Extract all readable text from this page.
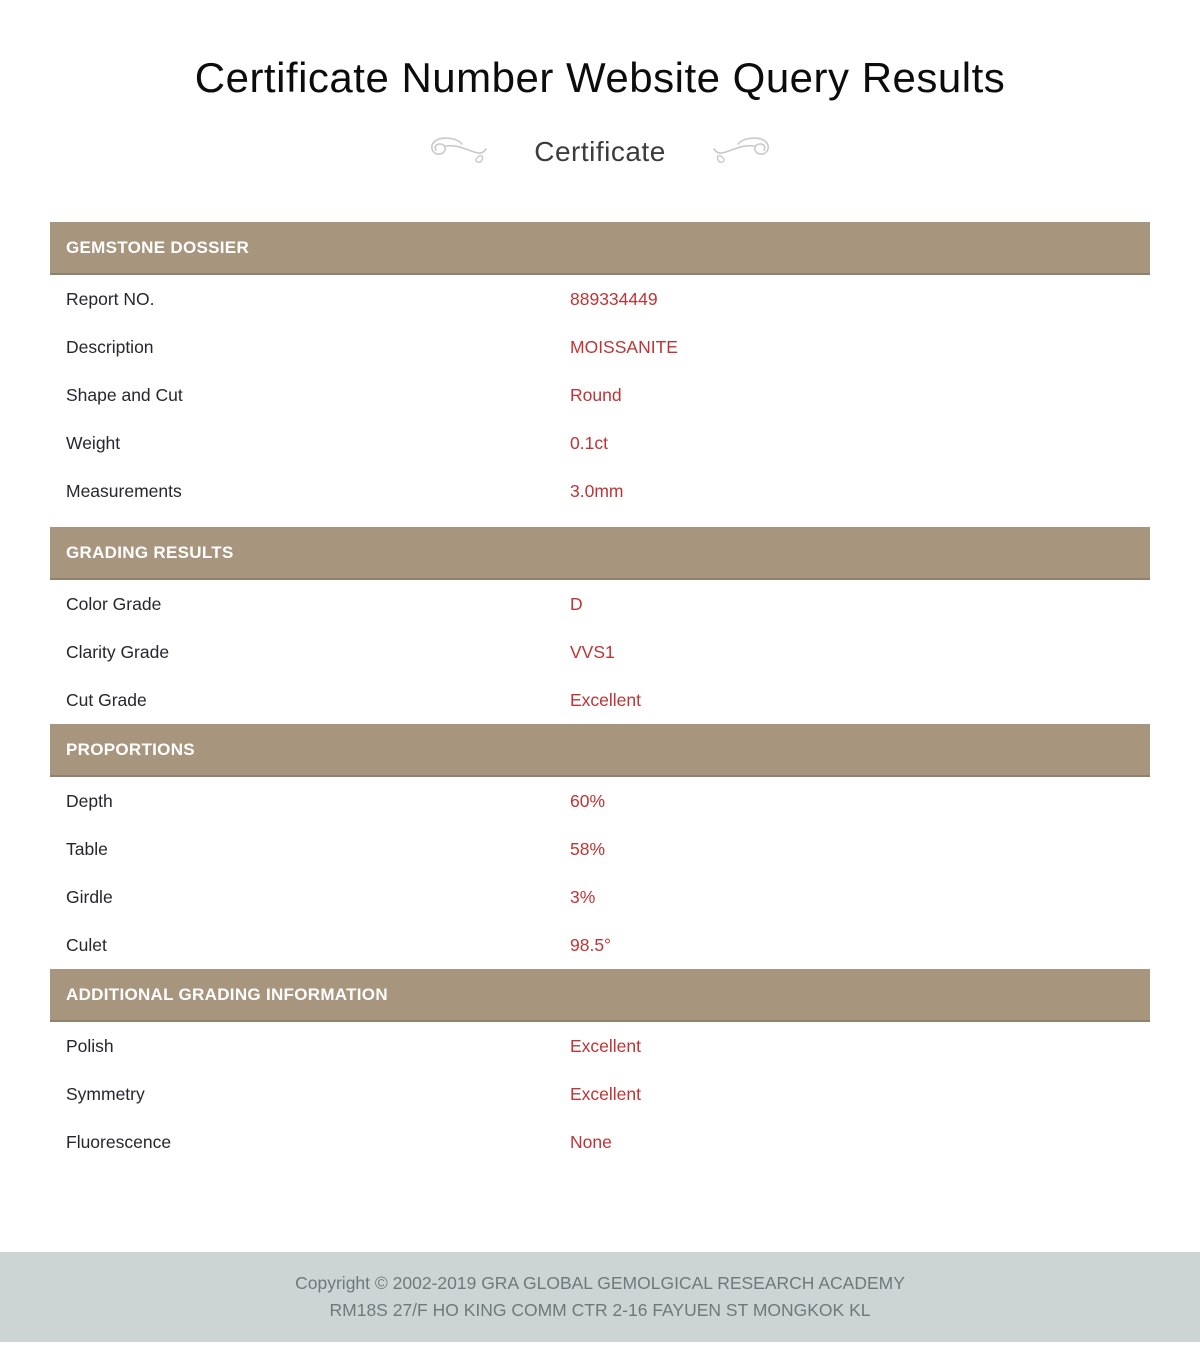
Certificate Number Website Query Results
Certificate
GEMSTONE DOSSIER
Report NO.	889334449
Description	MOISSANITE
Shape and Cut	Round
Weight	0.1ct
Measurements	3.0mm
GRADING RESULTS
Color Grade	D
Clarity Grade	VVS1
Cut Grade	Excellent
PROPORTIONS
Depth	60%
Table	58%
Girdle	3%
Culet	98.5°
ADDITIONAL GRADING INFORMATION
Polish	Excellent
Symmetry	Excellent
Fluorescence	None
Copyright © 2002-2019 GRA GLOBAL GEMOLGICAL RESEARCH ACADEMY
RM18S 27/F HO KING COMM CTR 2-16 FAYUEN ST MONGKOK KL
